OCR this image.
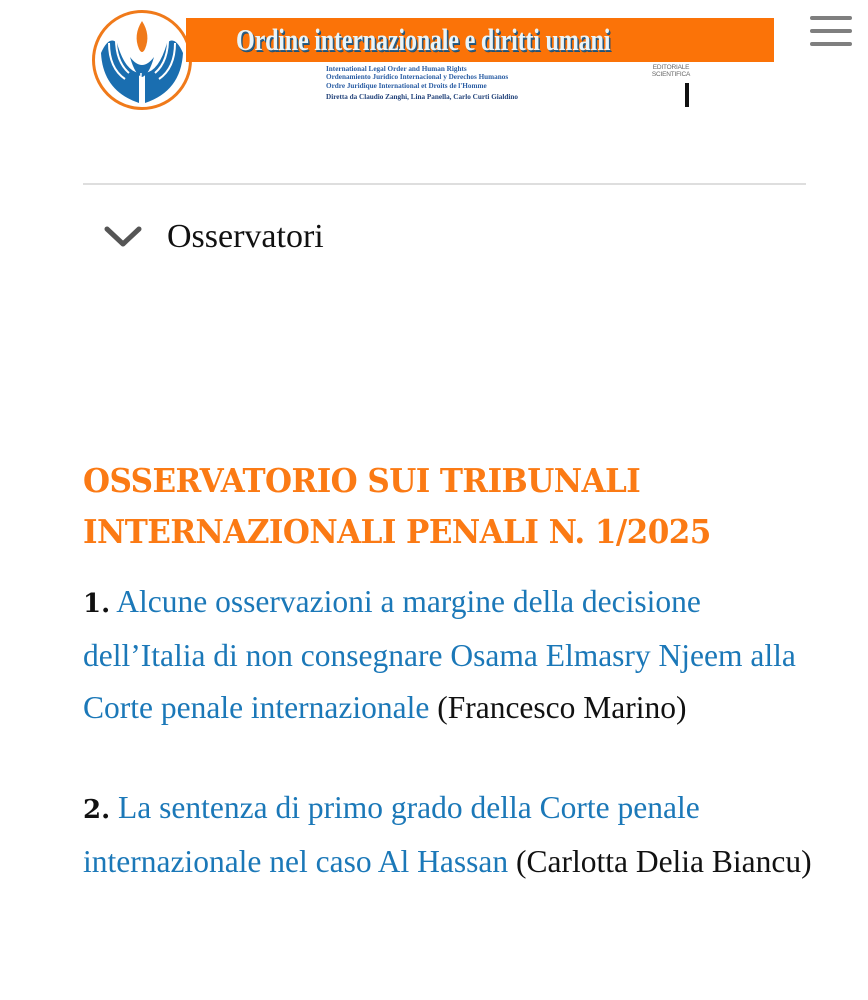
Ordine internazionale e diritti umani
International Legal Order and Human Rights
Ordenamiento Jurídico Internacional y Derechos Humanos
Ordre Juridique International et Droits de l'Homme
Diretta da Claudio Zanghì, Lina Panella, Carlo Curti Gialdino
EDITORIALE
SCIENTIFICA
Osservatori
OSSERVATORIO SUI TRIBUNALI INTERNAZIONALI PENALI N. 1/2025

1. Alcune osservazioni a margine della decisione dell’Italia di non consegnare Osama Elmasry Njeem alla Corte penale internazionale (Francesco Marino)

2. La sentenza di primo grado della Corte penale internazionale nel caso Al Hassan (Carlotta Delia Biancu)
